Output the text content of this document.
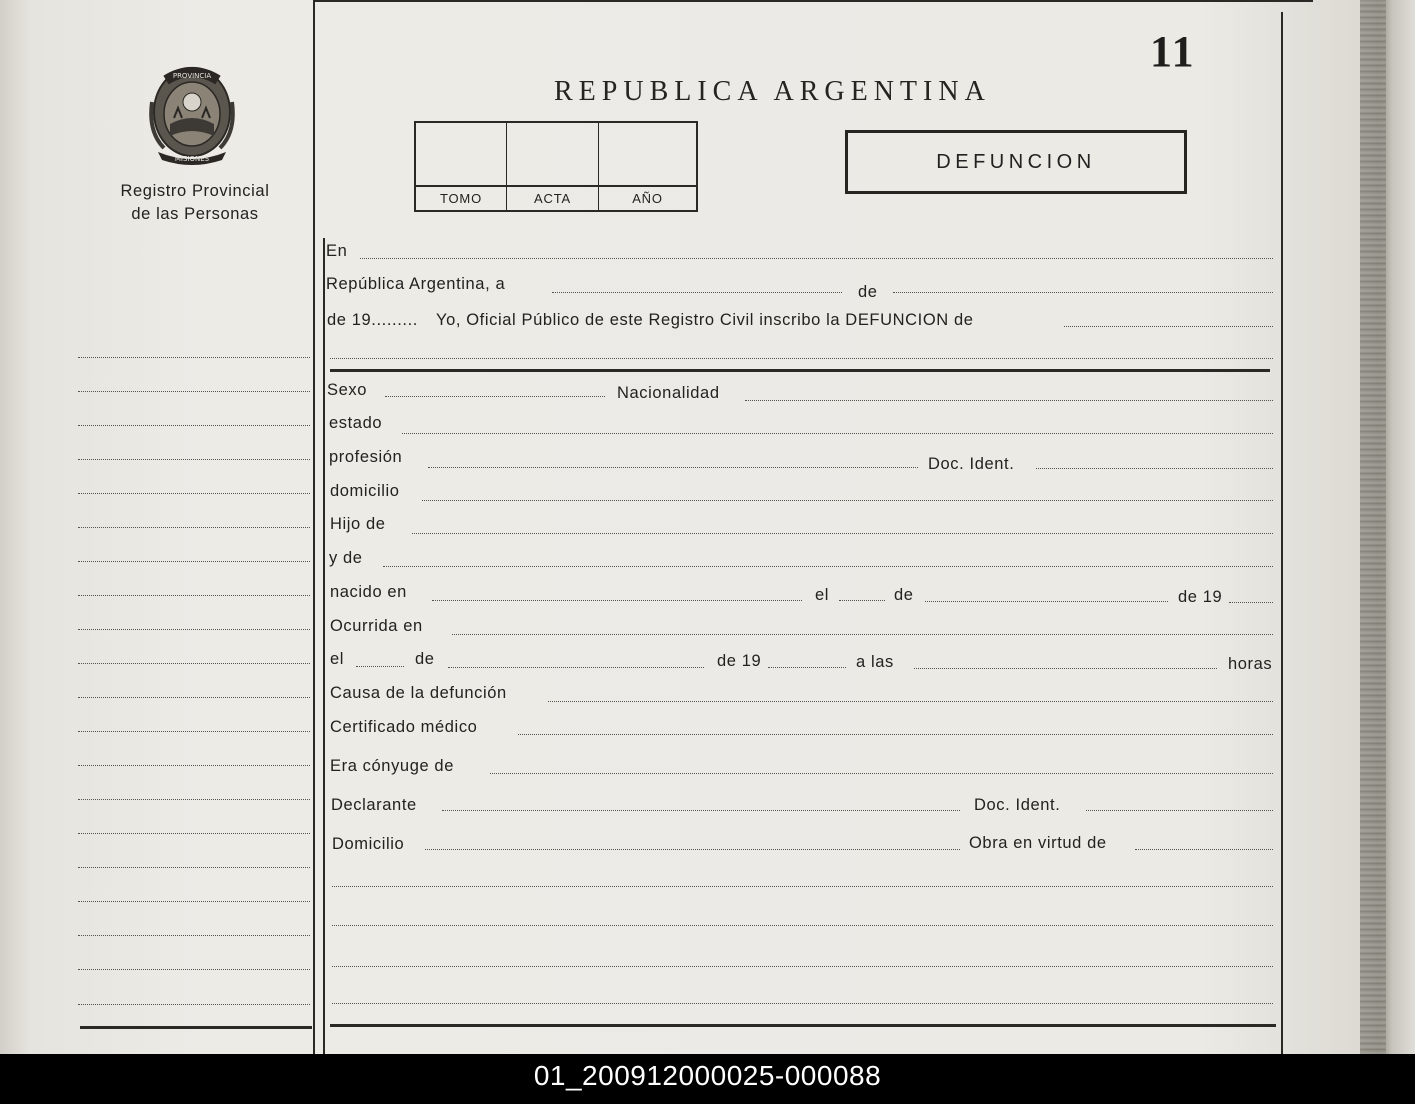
PROVINCIA
MISIONES
Registro Provincial
de las Personas
11
REPUBLICA ARGENTINA
TOMO	ACTA	AÑO
DEFUNCION
En
República Argentina, a	de
de 19......... Yo, Oficial Público de este Registro Civil inscribo la DEFUNCION de
Sexo	Nacionalidad
estado
profesión	Doc. Ident.
domicilio
Hijo de
y de
nacido en	el	de	de 19
Ocurrida en
el	de	de 19	a las	horas
Causa de la defunción
Certificado médico
Era cónyuge de
Declarante	Doc. Ident.
Domicilio	Obra en virtud de
01_200912000025-000088
